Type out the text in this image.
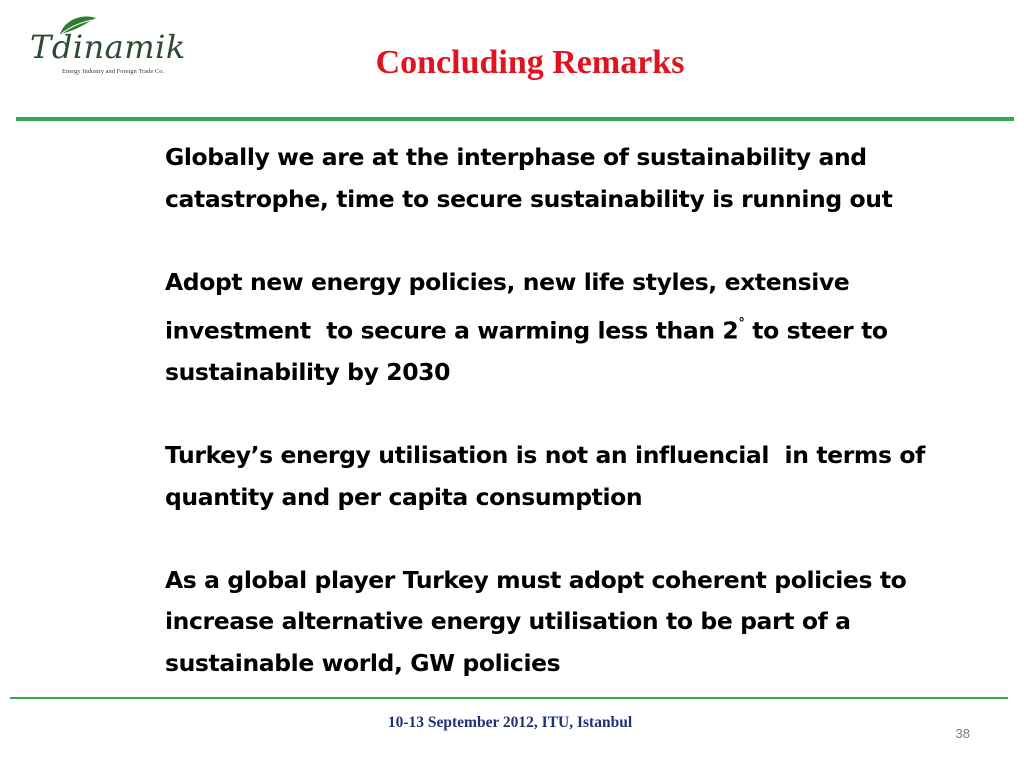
Tdinamik
Energy Industry and Foreign Trade Co.	Concluding Remarks

Globally we are at the interphase of sustainability and catastrophe, time to secure sustainability is running out

Adopt new energy policies, new life styles, extensive investment  to secure a warming less than 2° to steer to sustainability by 2030

Turkey’s energy utilisation is not an influencial  in terms of quantity and per capita consumption

As a global player Turkey must adopt coherent policies to increase alternative energy utilisation to be part of a sustainable world, GW policies

10-13 September 2012, ITU, Istanbul
38
